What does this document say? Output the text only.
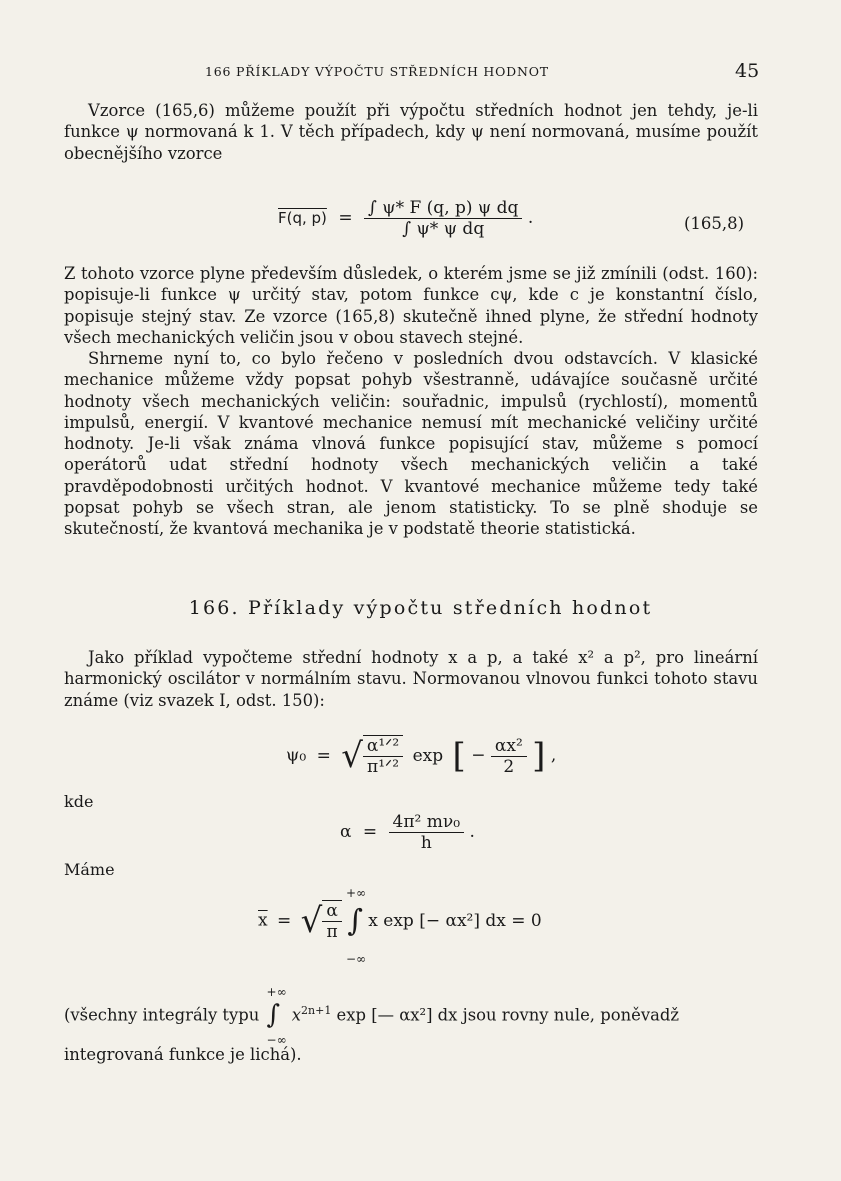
166 PŘÍKLADY VÝPOČTU STŘEDNÍCH HODNOT	45
Vzorce (165,6) můžeme použít při výpočtu středních hodnot jen tehdy, je-li funkce ψ normovaná k 1. V těch případech, kdy ψ není normovaná, musíme použít obecnějšího vzorce
F(q, $p) = \frac{\text{∫ ψ* F (q, p) ψ dq}}{\text{∫ ψ* ψ dq}}$ .	(165,8)
Z tohoto vzorce plyne především důsledek, o kterém jsme se již zmínili (odst. 160): popisuje-li funkce ψ určitý stav, potom funkce cψ, kde c je konstantní číslo, popisuje stejný stav. Ze vzorce (165,8) skutečně ihned plyne, že střední hodnoty všech mechanických veličin jsou v obou stavech stejné.
Shrneme nyní to, co bylo řečeno v posledních dvou odstavcích. V klasické mechanice můžeme vždy popsat pohyb všestranně, udávajíce současně určité hodnoty všech mechanických veličin: souřadnic, impulsů (rychlostí), momentů impulsů, energií. V kvantové mechanice nemusí mít mechanické veličiny určité hodnoty. Je-li však známa vlnová funkce popisující stav, můžeme s pomocí operátorů udat střední hodnoty všech mechanických veličin a také pravděpodobnosti určitých hodnot. V kvantové mechanice můžeme tedy také popsat pohyb se všech stran, ale jenom statisticky. To se plně shoduje se skutečností, že kvantová mechanika je v podstatě theorie statistická.
166. Příklady výpočtu středních hodnot
Jako příklad vypočteme střední hodnoty x a p, a také x² a p², pro lineární harmonický oscilátor v normálním stavu. Normovanou vlnovou funkci tohoto stavu známe (viz svazek I, odst. 150):
ψ₀ = √ $\frac{\text{α¹ᐟ²}}{\text{π¹ᐟ²}}$ exp [ − $\frac{\text{αx²}}{2}$ ] ,
kde
$\alpha = \frac{\text{4π² mν₀}}{h}$ .
Máme
$\overline{x}$ = √ $\frac{\alpha}{\pi}$ ∫ x exp [− αx²] dx = 0
+∞
−∞
(všechny integrály typu ∫
+∞
−∞
$x^{2n+1}$ exp [— αx²] dx jsou rovny nule, poněvadž
integrovaná funkce je lichá).
